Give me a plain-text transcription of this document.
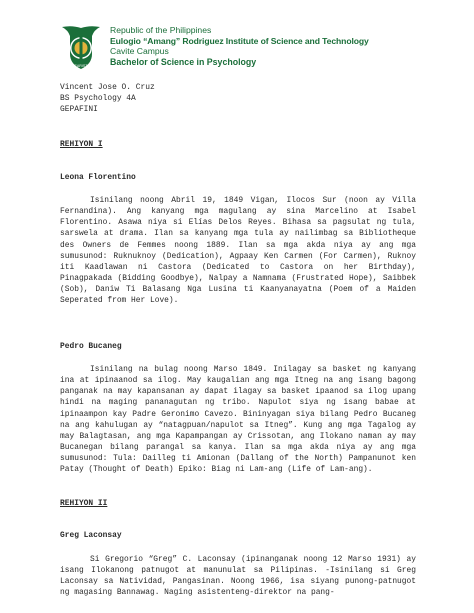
EARIST
Republic of the Philippines
Eulogio “Amang” Rodriguez Institute of Science and Technology
Cavite Campus
Bachelor of Science in Psychology
Vincent Jose O. Cruz
BS Psychology 4A
GEPAFINI
REHIYON I
Leona Florentino
Isinilang noong Abril 19, 1849 Vigan, Ilocos Sur (noon ay Villa Fernandina). Ang kanyang mga magulang ay sina Marcelino at Isabel Florentino. Asawa niya si Elías Delos Reyes. Bihasa sa pagsulat ng tula, sarswela at drama. Ilan sa kanyang mga tula ay nailimbag sa Bibliotheque des Owners de Femmes noong 1889. Ilan sa mga akda niya ay ang mga sumusunod: Ruknuknoy (Dedication), Agpaay Ken Carmen (For Carmen), Ruknoy iti Kaadlawan ni Castora (Dedicated to Castora on her Birthday), Pinagpakada (Bidding Goodbye), Nalpay a Namnama (Frustrated Hope), Saibbek (Sob), Daniw Ti Balasang Nga Lusina ti Kaanyanayatna (Poem of a Maiden Seperated from Her Love).
Pedro Bucaneg
Isinilang na bulag noong Marso 1849. Inilagay sa basket ng kanyang ina at ipinaanod sa ilog. May kaugalian ang mga Itneg na ang isang bagong panganak na may kapansanan ay dapat ilagay sa basket ipaanod sa ilog upang hindi na maging pananagutan ng tribo. Napulot siya ng isang babae at ipinaampon kay Padre Geronimo Cavezo. Bininyagan siya bilang Pedro Bucaneg na ang kahulugan ay “natagpuan/napulot sa Itneg”. Kung ang mga Tagalog ay may Balagtasan, ang mga Kapampangan ay Crissotan, ang Ilokano naman ay may Bucanegan bilang parangal sa kanya. Ilan sa mga akda niya ay ang mga sumusunod: Tula: Dailleg ti Amionan (Dallang of the North) Pampanunot ken Patay (Thought of Death) Epiko: Biag ni Lam-ang (Life of Lam-ang).
REHIYON II
Greg Laconsay
Si Gregorio “Greg” C. Laconsay (ipinanganak noong 12 Marso 1931) ay isang Ilokanong patnugot at manunulat sa Pilipinas. -Isinilang si Greg Laconsay sa Natividad, Pangasinan. Noong 1966, isa siyang punong-patnugot ng magasing Bannawag. Naging asistenteng-direktor na pang-
